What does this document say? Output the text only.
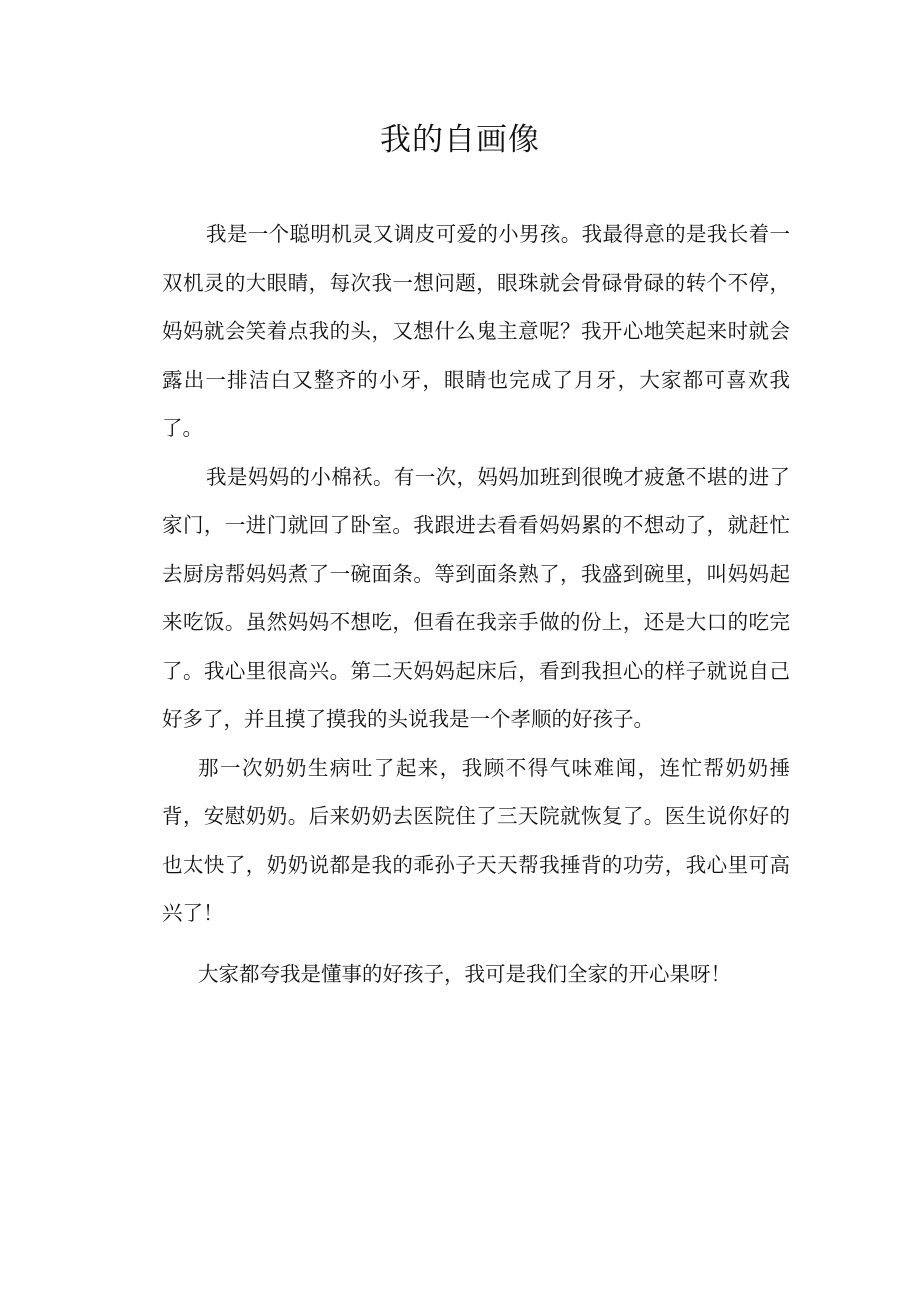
我的自画像

我是一个聪明机灵又调皮可爱的小男孩。我最得意的是我长着一双机灵的大眼睛，每次我一想问题，眼珠就会骨碌骨碌的转个不停，妈妈就会笑着点我的头，又想什么鬼主意呢？我开心地笑起来时就会露出一排洁白又整齐的小牙，眼睛也完成了月牙，大家都可喜欢我了。

我是妈妈的小棉袄。有一次，妈妈加班到很晚才疲惫不堪的进了家门，一进门就回了卧室。我跟进去看看妈妈累的不想动了，就赶忙去厨房帮妈妈煮了一碗面条。等到面条熟了，我盛到碗里，叫妈妈起来吃饭。虽然妈妈不想吃，但看在我亲手做的份上，还是大口的吃完了。我心里很高兴。第二天妈妈起床后，看到我担心的样子就说自己好多了，并且摸了摸我的头说我是一个孝顺的好孩子。

那一次奶奶生病吐了起来，我顾不得气味难闻，连忙帮奶奶捶背，安慰奶奶。后来奶奶去医院住了三天院就恢复了。医生说你好的也太快了，奶奶说都是我的乖孙子天天帮我捶背的功劳，我心里可高兴了！

大家都夸我是懂事的好孩子，我可是我们全家的开心果呀！
